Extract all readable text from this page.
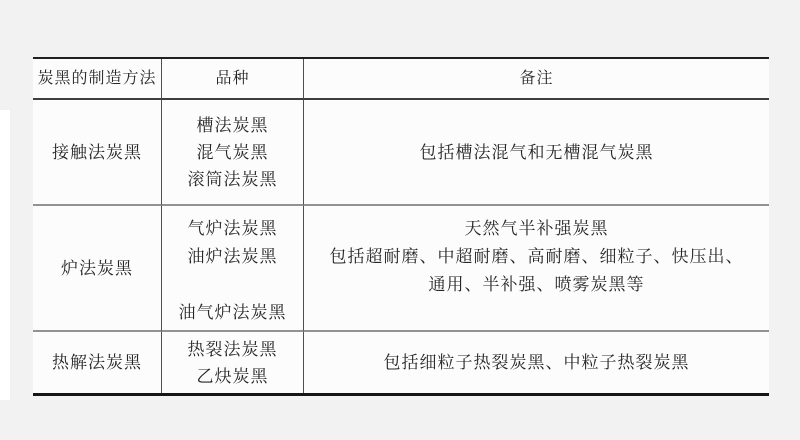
炭黑的制造方法	品种	备注
接触法炭黑
槽法炭黑
混气炭黑
滚筒法炭黑
包括槽法混气和无槽混气炭黑
炉法炭黑
气炉法炭黑
油炉法炭黑
油气炉法炭黑
天然气半补强炭黑
包括超耐磨、中超耐磨、高耐磨、细粒子、快压出、
通用、半补强、喷雾炭黑等
热解法炭黑
热裂法炭黑
乙炔炭黑
包括细粒子热裂炭黑、中粒子热裂炭黑
